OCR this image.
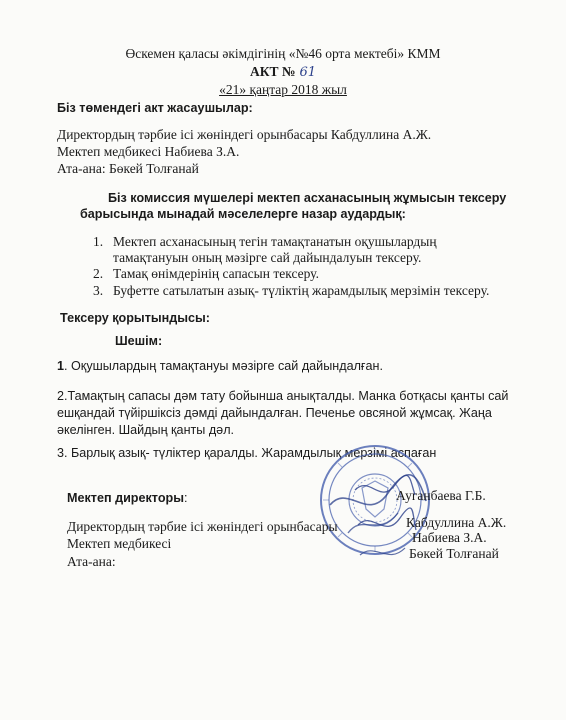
Өскемен қаласы әкімдігінің «№46 орта мектебі» КММ
АКТ № 61
«21» қаңтар 2018 жыл
Біз төмендегі акт жасаушылар:
Директордың тәрбие ісі жөніндегі орынбасары Кабдуллина А.Ж.
Мектеп медбикесі Набиева З.А.
Ата-ана: Бөкей Толғанай
Біз комиссия мүшелері мектеп асханасының жұмысын тексеру
барысында мынадай мәселелерге назар аудардық:
1. Мектеп асханасының тегін тамақтанатын оқушылардың
тамақтануын оның мәзірге сай дайындалуын тексеру.
2. Тамақ өнімдерінің сапасын тексеру.
3. Буфетте сатылатын азық- түліктің жарамдылық мерзімін тексеру.
Тексеру қорытындысы:
Шешім:
1. Оқушылардың тамақтануы мәзірге сай дайындалған.
2.Тамақтың сапасы дәм тату бойынша анықталды. Манка ботқасы қанты сай
ешқандай түйіршіксіз дәмді дайындалған. Печенье овсяной жұмсақ. Жаңа
әкелінген. Шайдың қанты дәл.
3. Барлық азық- түліктер қаралды. Жарамдылық мерзімі аспаған
Мектеп директоры:	Ауганбаева Г.Б.
Директордың тәрбие ісі жөніндегі орынбасары	Кабдуллина А.Ж.
Мектеп медбикесі	Набиева З.А.
Ата-ана:
Бөкей Толғанай
